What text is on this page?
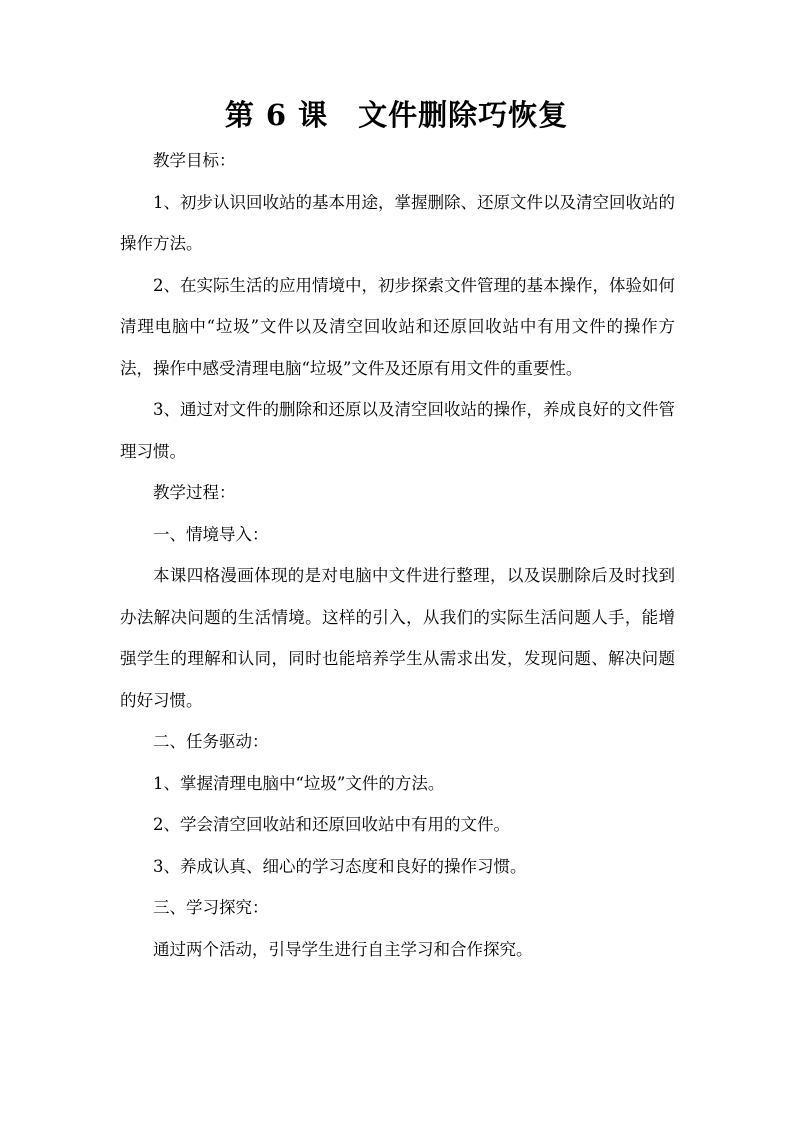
第 6 课　文件删除巧恢复

教学目标：

1、初步认识回收站的基本用途，掌握删除、还原文件以及清空回收站的操作方法。

2、在实际生活的应用情境中，初步探索文件管理的基本操作，体验如何清理电脑中“垃圾”文件以及清空回收站和还原回收站中有用文件的操作方法，操作中感受清理电脑“垃圾”文件及还原有用文件的重要性。

3、通过对文件的删除和还原以及清空回收站的操作，养成良好的文件管理习惯。

教学过程：

一、情境导入：

本课四格漫画体现的是对电脑中文件进行整理，以及误删除后及时找到办法解决问题的生活情境。这样的引入，从我们的实际生活问题人手，能增强学生的理解和认同，同时也能培养学生从需求出发，发现问题、解决问题的好习惯。

二、任务驱动：

1、掌握清理电脑中“垃圾”文件的方法。

2、学会清空回收站和还原回收站中有用的文件。

3、养成认真、细心的学习态度和良好的操作习惯。

三、学习探究：

通过两个活动，引导学生进行自主学习和合作探究。
